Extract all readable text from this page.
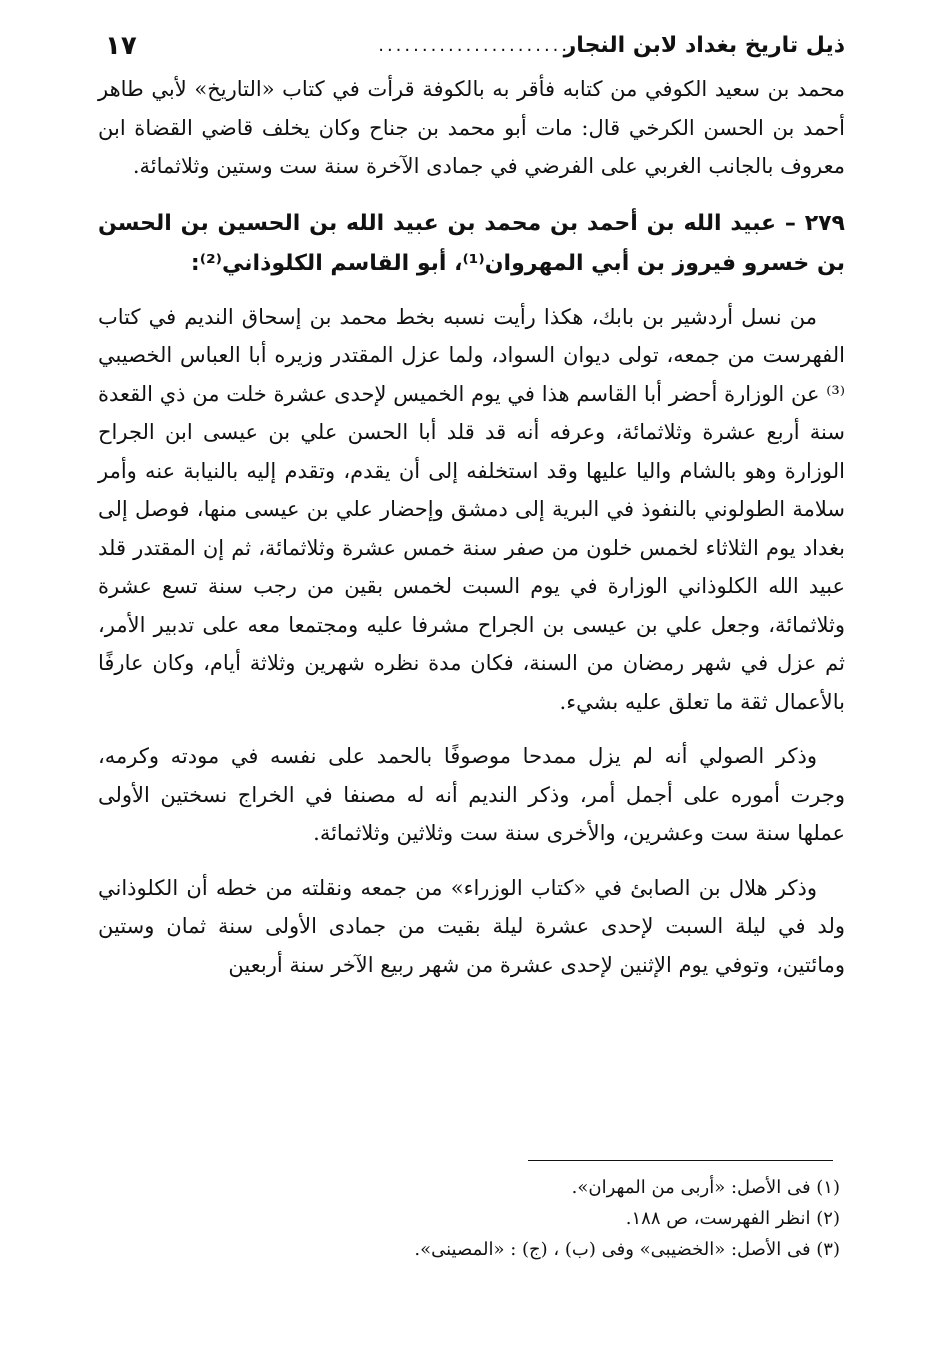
ذيل تاريخ بغداد لابن النجار
..........................
١٧

محمد بن سعيد الكوفي من كتابه فأقر به بالكوفة قرأت في كتاب «التاريخ» لأبي طاهر أحمد بن الحسن الكرخي قال: مات أبو محمد بن جناح وكان يخلف قاضي القضاة ابن معروف بالجانب الغربي على الفرضي في جمادى الآخرة سنة ست وستين وثلاثمائة.

٢٧٩ – عبيد الله بن أحمد بن محمد بن عبيد الله بن الحسين بن الحسن بن خسرو فيروز بن أبي المهروان⁽¹⁾، أبو القاسم الكلوذاني⁽²⁾:

من نسل أردشير بن بابك، هكذا رأيت نسبه بخط محمد بن إسحاق النديم في كتاب الفهرست من جمعه، تولى ديوان السواد، ولما عزل المقتدر وزيره أبا العباس الخصيبي ⁽³⁾ عن الوزارة أحضر أبا القاسم هذا في يوم الخميس لإحدى عشرة خلت من ذي القعدة سنة أربع عشرة وثلاثمائة، وعرفه أنه قد قلد أبا الحسن علي بن عيسى ابن الجراح الوزارة وهو بالشام واليا عليها وقد استخلفه إلى أن يقدم، وتقدم إليه بالنيابة عنه وأمر سلامة الطولوني بالنفوذ في البرية إلى دمشق وإحضار علي بن عيسى منها، فوصل إلى بغداد يوم الثلاثاء لخمس خلون من صفر سنة خمس عشرة وثلاثمائة، ثم إن المقتدر قلد عبيد الله الكلوذاني الوزارة في يوم السبت لخمس بقين من رجب سنة تسع عشرة وثلاثمائة، وجعل علي بن عيسى بن الجراح مشرفا عليه ومجتمعا معه على تدبير الأمر، ثم عزل في شهر رمضان من السنة، فكان مدة نظره شهرين وثلاثة أيام، وكان عارفًا بالأعمال ثقة ما تعلق عليه بشيء.

وذكر الصولي أنه لم يزل ممدحا موصوفًا بالحمد على نفسه في مودته وكرمه، وجرت أموره على أجمل أمر، وذكر النديم أنه له مصنفا في الخراج نسختين الأولى عملها سنة ست وعشرين، والأخرى سنة ست وثلاثين وثلاثمائة.

وذكر هلال بن الصابئ في «كتاب الوزراء» من جمعه ونقلته من خطه أن الكلوذاني ولد في ليلة السبت لإحدى عشرة ليلة بقيت من جمادى الأولى سنة ثمان وستين ومائتين، وتوفي يوم الإثنين لإحدى عشرة من شهر ربيع الآخر سنة أربعين

(١) فى الأصل: «أربى من المهران».

(٢) انظر الفهرست، ص ١٨٨.

(٣) فى الأصل: «الخضيبى» وفى (ب) ، (ج) : «المصينى».
